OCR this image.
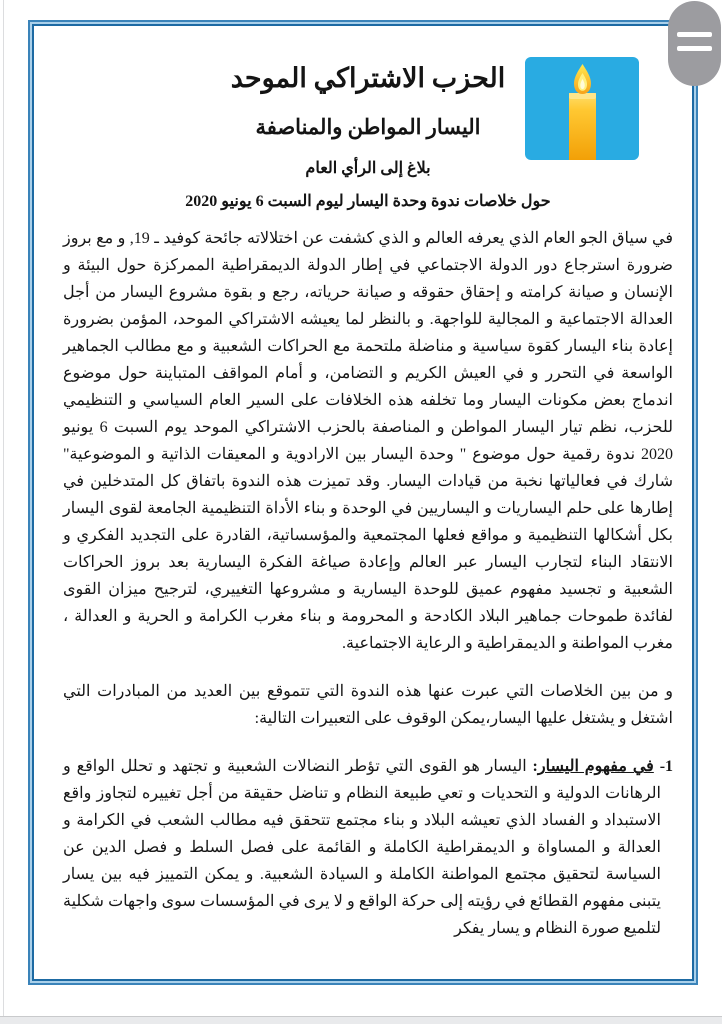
الحزب الاشتراكي الموحد
اليسار المواطن والمناصفة
بلاغ إلى الرأي العام
حول خلاصات ندوة وحدة اليسار ليوم السبت 6 يونيو 2020

في سياق الجو العام الذي يعرفه العالم و الذي كشفت عن اختلالاته جائحة كوفيد ـ 19, و مع بروز ضرورة استرجاع دور الدولة الاجتماعي في إطار الدولة الديمقراطية الممركزة حول البيئة و الإنسان و صيانة كرامته و إحقاق حقوقه و صيانة حرياته، رجع و بقوة مشروع اليسار من أجل العدالة الاجتماعية و المجالية للواجهة. و بالنظر لما يعيشه الاشتراكي الموحد، المؤمن بضرورة إعادة بناء اليسار كقوة سياسية و مناضلة ملتحمة مع الحراكات الشعبية و مع مطالب الجماهير الواسعة في التحرر و في العيش الكريم و التضامن، و أمام المواقف المتباينة حول موضوع اندماج بعض مكونات اليسار وما تخلفه هذه الخلافات على السير العام السياسي و التنظيمي للحزب، نظم تيار اليسار المواطن و المناصفة بالحزب الاشتراكي الموحد يوم السبت 6 يونيو 2020 ندوة رقمية حول موضوع " وحدة اليسار بين الارادوية و المعيقات الذاتية و الموضوعية" شارك في فعالياتها نخبة من قيادات اليسار. وقد تميزت هذه الندوة باتفاق كل المتدخلين في إطارها على حلم اليساريات و اليساريين في الوحدة و بناء الأداة التنظيمية الجامعة لقوى اليسار بكل أشكالها التنظيمية و مواقع فعلها المجتمعية والمؤسساتية، القادرة على التجديد الفكري و الانتقاد البناء لتجارب اليسار عبر العالم وإعادة صياغة الفكرة اليسارية بعد بروز الحراكات الشعبية و تجسيد مفهوم عميق للوحدة اليسارية و مشروعها التغييري، لترجيح ميزان القوى لفائدة طموحات جماهير البلاد الكادحة و المحرومة و بناء مغرب الكرامة و الحرية و العدالة ، مغرب المواطنة و الديمقراطية و الرعاية الاجتماعية.

و من بين الخلاصات التي عبرت عنها هذه الندوة التي تتموقع بين العديد من المبادرات التي اشتغل و يشتغل عليها اليسار،يمكن الوقوف على التعبيرات التالية:

1- في مفهوم اليسار: اليسار هو القوى التي تؤطر النضالات الشعبية و تجتهد و تحلل الواقع و الرهانات الدولية و التحديات و تعي طبيعة النظام و تناضل حقيقة من أجل تغييره لتجاوز واقع الاستبداد و الفساد الذي تعيشه البلاد و بناء مجتمع تتحقق فيه مطالب الشعب في الكرامة و العدالة و المساواة و الديمقراطية الكاملة و القائمة على فصل السلط و فصل الدين عن السياسة لتحقيق مجتمع المواطنة الكاملة و السيادة الشعبية. و يمكن التمييز فيه بين يسار يتبنى مفهوم القطائع في رؤيته إلى حركة الواقع و لا يرى في المؤسسات سوى واجهات شكلية لتلميع صورة النظام و يسار يفكر
